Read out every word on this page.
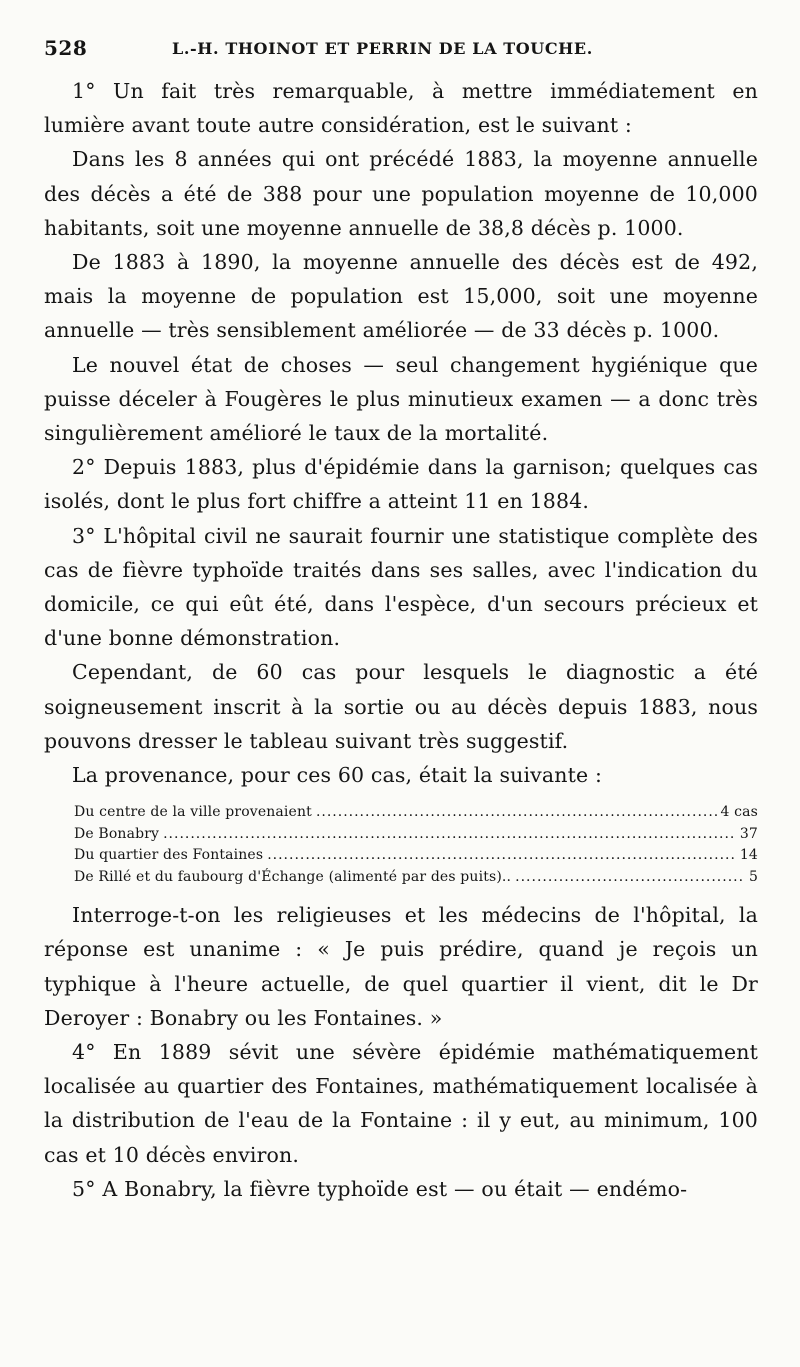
528	L.-H. THOINOT ET PERRIN DE LA TOUCHE.

1° Un fait très remarquable, à mettre immédiatement en lumière avant toute autre considération, est le suivant :

Dans les 8 années qui ont précédé 1883, la moyenne annuelle des décès a été de 388 pour une population moyenne de 10,000 habitants, soit une moyenne annuelle de 38,8 décès p. 1000.

De 1883 à 1890, la moyenne annuelle des décès est de 492, mais la moyenne de population est 15,000, soit une moyenne annuelle — très sensiblement améliorée — de 33 décès p. 1000.

Le nouvel état de choses — seul changement hygiénique que puisse déceler à Fougères le plus minutieux examen — a donc très singulièrement amélioré le taux de la mortalité.

2° Depuis 1883, plus d'épidémie dans la garnison; quelques cas isolés, dont le plus fort chiffre a atteint 11 en 1884.

3° L'hôpital civil ne saurait fournir une statistique complète des cas de fièvre typhoïde traités dans ses salles, avec l'indication du domicile, ce qui eût été, dans l'espèce, d'un secours précieux et d'une bonne démonstration.

Cependant, de 60 cas pour lesquels le diagnostic a été soigneusement inscrit à la sortie ou au décès depuis 1883, nous pouvons dresser le tableau suivant très suggestif.

La provenance, pour ces 60 cas, était la suivante :

Du centre de la ville provenaient .....	4 cas
De Bonabry .....	37
Du quartier des Fontaines .....	14
De Rillé et du faubourg d'Échange (alimenté par des puits).. .....	5

Interroge-t-on les religieuses et les médecins de l'hôpital, la réponse est unanime : « Je puis prédire, quand je reçois un typhique à l'heure actuelle, de quel quartier il vient, dit le Dr Deroyer : Bonabry ou les Fontaines. »

4° En 1889 sévit une sévère épidémie mathématiquement localisée au quartier des Fontaines, mathématiquement localisée à la distribution de l'eau de la Fontaine : il y eut, au minimum, 100 cas et 10 décès environ.

5° A Bonabry, la fièvre typhoïde est — ou était — endémo-
